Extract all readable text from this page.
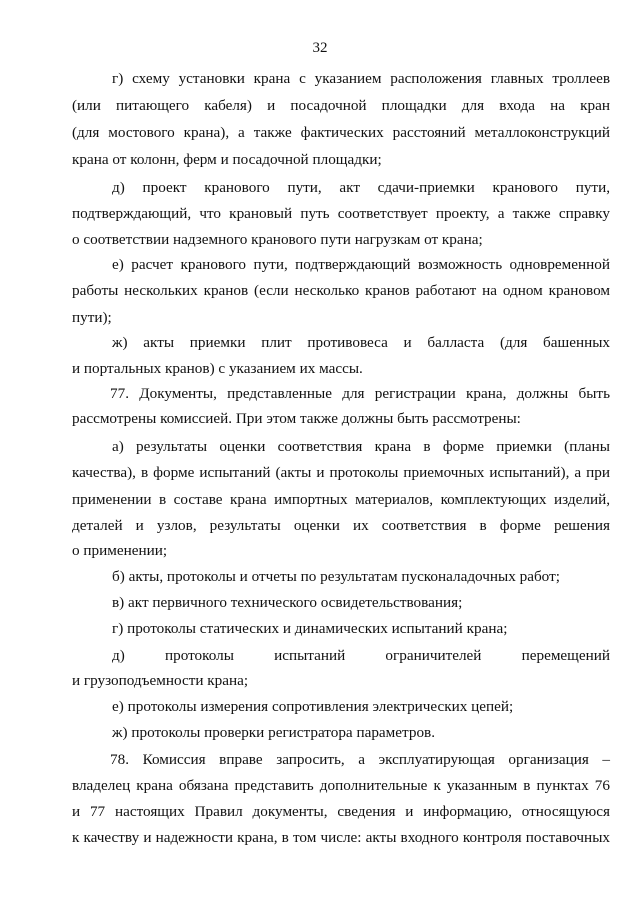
32
г) схему установки крана с указанием расположения главных троллеев
(или питающего кабеля) и посадочной площадки для входа на кран
(для мостового крана), а также фактических расстояний металлоконструкций
крана от колонн, ферм и посадочной площадки;
д) проект кранового пути, акт сдачи-приемки кранового пути,
подтверждающий, что крановый путь соответствует проекту, а также справку
о соответствии надземного кранового пути нагрузкам от крана;
е) расчет кранового пути, подтверждающий возможность одновременной
работы нескольких кранов (если несколько кранов работают на одном крановом
пути);
ж) акты приемки плит противовеса и балласта (для башенных
и портальных кранов) с указанием их массы.
77. Документы, представленные для регистрации крана, должны быть
рассмотрены комиссией. При этом также должны быть рассмотрены:
а) результаты оценки соответствия крана в форме приемки (планы
качества), в форме испытаний (акты и протоколы приемочных испытаний), а при
применении в составе крана импортных материалов, комплектующих изделий,
деталей и узлов, результаты оценки их соответствия в форме решения
о применении;
б) акты, протоколы и отчеты по результатам пусконаладочных работ;
в) акт первичного технического освидетельствования;
г) протоколы статических и динамических испытаний крана;
д) протоколы испытаний ограничителей перемещений
и грузоподъемности крана;
е) протоколы измерения сопротивления электрических цепей;
ж) протоколы проверки регистратора параметров.
78. Комиссия вправе запросить, а эксплуатирующая организация –
владелец крана обязана представить дополнительные к указанным в пунктах 76
и 77 настоящих Правил документы, сведения и информацию, относящуюся
к качеству и надежности крана, в том числе: акты входного контроля поставочных
